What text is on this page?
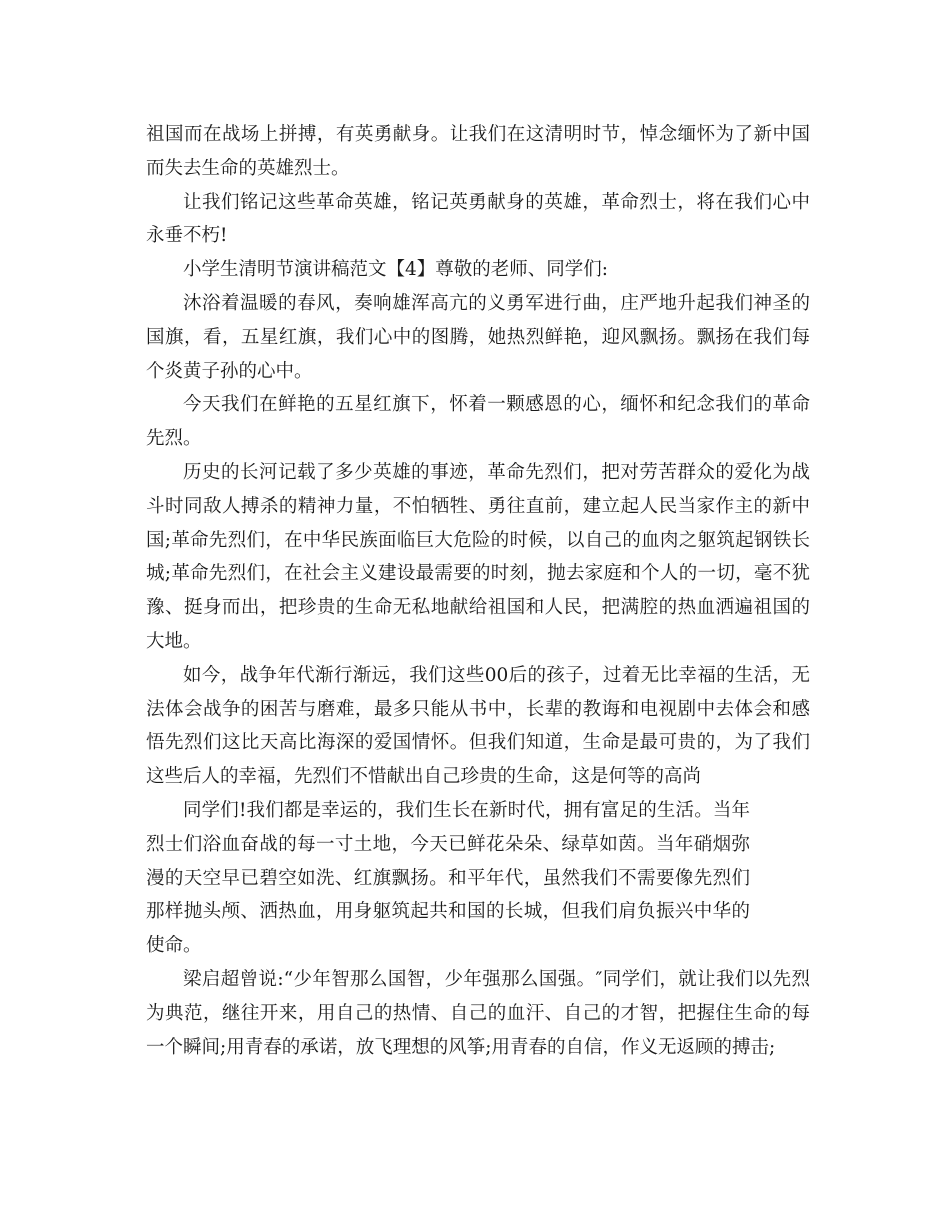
祖国而在战场上拼搏，有英勇献身。让我们在这清明时节，悼念缅怀为了新中国而失去生命的英雄烈士。

让我们铭记这些革命英雄，铭记英勇献身的英雄，革命烈士，将在我们心中永垂不朽!

小学生清明节演讲稿范文【4】尊敬的老师、同学们:

沐浴着温暖的春风，奏响雄浑高亢的义勇军进行曲，庄严地升起我们神圣的国旗，看，五星红旗，我们心中的图腾，她热烈鲜艳，迎风飘扬。飘扬在我们每个炎黄子孙的心中。

今天我们在鲜艳的五星红旗下，怀着一颗感恩的心，缅怀和纪念我们的革命先烈。

历史的长河记载了多少英雄的事迹，革命先烈们，把对劳苦群众的爱化为战斗时同敌人搏杀的精神力量，不怕牺牲、勇往直前，建立起人民当家作主的新中国;革命先烈们，在中华民族面临巨大危险的时候，以自己的血肉之躯筑起钢铁长城;革命先烈们，在社会主义建设最需要的时刻，抛去家庭和个人的一切，毫不犹豫、挺身而出，把珍贵的生命无私地献给祖国和人民，把满腔的热血洒遍祖国的大地。

如今，战争年代渐行渐远，我们这些00后的孩子，过着无比幸福的生活，无法体会战争的困苦与磨难，最多只能从书中，长辈的教诲和电视剧中去体会和感悟先烈们这比天高比海深的爱国情怀。但我们知道，生命是最可贵的，为了我们这些后人的幸福，先烈们不惜献出自己珍贵的生命，这是何等的高尚

同学们!我们都是幸运的，我们生长在新时代，拥有富足的生活。当年烈士们浴血奋战的每一寸土地，今天已鲜花朵朵、绿草如茵。当年硝烟弥漫的天空早已碧空如洗、红旗飘扬。和平年代，虽然我们不需要像先烈们那样抛头颅、洒热血，用身躯筑起共和国的长城，但我们肩负振兴中华的使命。

梁启超曾说:“少年智那么国智，少年强那么国强。″同学们，就让我们以先烈为典范，继往开来，用自己的热情、自己的血汗、自己的才智，把握住生命的每一个瞬间;用青春的承诺，放飞理想的风筝;用青春的自信，作义无返顾的搏击;
